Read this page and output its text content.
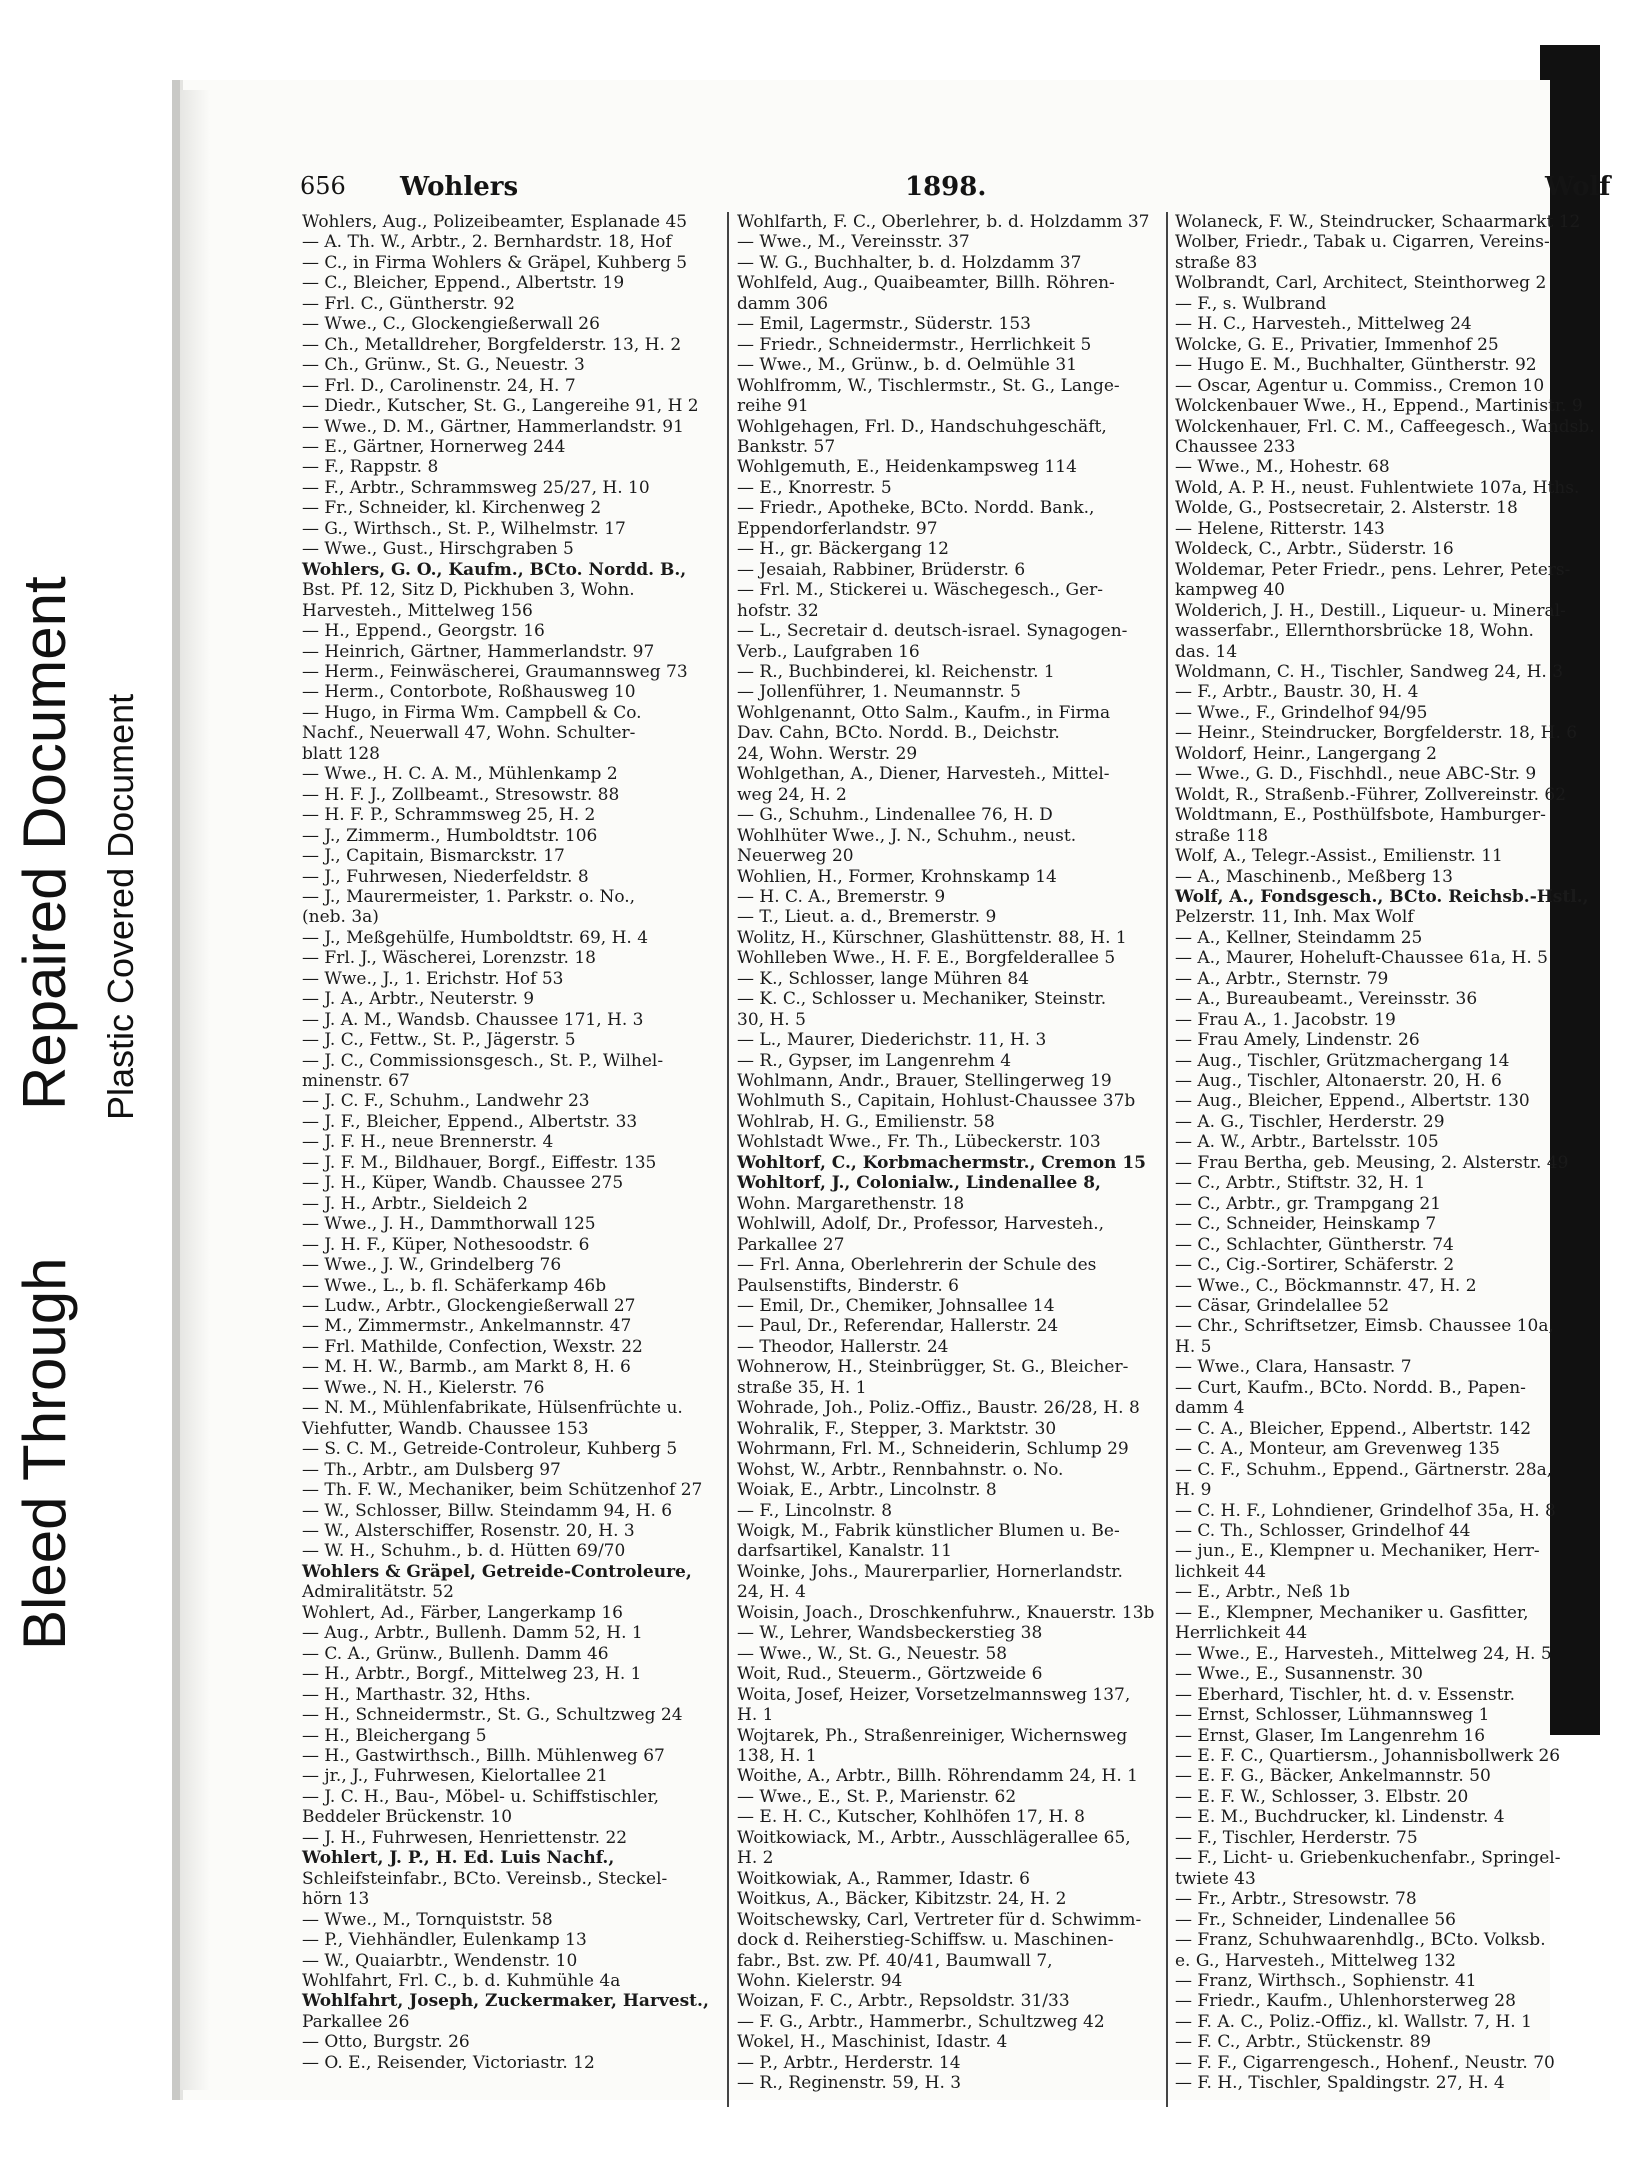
Bleed Through
Repaired Document Plastic Covered Document
656 Wohlers	1898.	Wolf
Wohlers, Aug., Polizeibeamter, Esplanade 45
— A. Th. W., Arbtr., 2. Bernhardstr. 18, Hof
— C., in Firma Wohlers & Gräpel, Kuhberg 5
— C., Bleicher, Eppend., Albertstr. 19
— Frl. C., Güntherstr. 92
— Wwe., C., Glockengießerwall 26
— Ch., Metalldreher, Borgfelderstr. 13, H. 2
— Ch., Grünw., St. G., Neuestr. 3
— Frl. D., Carolinenstr. 24, H. 7
— Diedr., Kutscher, St. G., Langereihe 91, H 2
— Wwe., D. M., Gärtner, Hammerlandstr. 91
— E., Gärtner, Hornerweg 244
— F., Rappstr. 8
— F., Arbtr., Schrammsweg 25/27, H. 10
— Fr., Schneider, kl. Kirchenweg 2
— G., Wirthsch., St. P., Wilhelmstr. 17
— Wwe., Gust., Hirschgraben 5
Wohlers, G. O., Kaufm., BCto. Nordd. B.,
Bst. Pf. 12, Sitz D, Pickhuben 3, Wohn.
Harvesteh., Mittelweg 156
— H., Eppend., Georgstr. 16
— Heinrich, Gärtner, Hammerlandstr. 97
— Herm., Feinwäscherei, Graumannsweg 73
— Herm., Contorbote, Roßhausweg 10
— Hugo, in Firma Wm. Campbell & Co.
Nachf., Neuerwall 47, Wohn. Schulter-
blatt 128
— Wwe., H. C. A. M., Mühlenkamp 2
— H. F. J., Zollbeamt., Stresowstr. 88
— H. F. P., Schrammsweg 25, H. 2
— J., Zimmerm., Humboldtstr. 106
— J., Capitain, Bismarckstr. 17
— J., Fuhrwesen, Niederfeldstr. 8
— J., Maurermeister, 1. Parkstr. o. No.,
(neb. 3a)
— J., Meßgehülfe, Humboldtstr. 69, H. 4
— Frl. J., Wäscherei, Lorenzstr. 18
— Wwe., J., 1. Erichstr. Hof 53
— J. A., Arbtr., Neuterstr. 9
— J. A. M., Wandsb. Chaussee 171, H. 3
— J. C., Fettw., St. P., Jägerstr. 5
— J. C., Commissionsgesch., St. P., Wilhel-
minenstr. 67
— J. C. F., Schuhm., Landwehr 23
— J. F., Bleicher, Eppend., Albertstr. 33
— J. F. H., neue Brennerstr. 4
— J. F. M., Bildhauer, Borgf., Eiffestr. 135
— J. H., Küper, Wandb. Chaussee 275
— J. H., Arbtr., Sieldeich 2
— Wwe., J. H., Dammthorwall 125
— J. H. F., Küper, Nothesoodstr. 6
— Wwe., J. W., Grindelberg 76
— Wwe., L., b. fl. Schäferkamp 46b
— Ludw., Arbtr., Glockengießerwall 27
— M., Zimmermstr., Ankelmannstr. 47
— Frl. Mathilde, Confection, Wexstr. 22
— M. H. W., Barmb., am Markt 8, H. 6
— Wwe., N. H., Kielerstr. 76
— N. M., Mühlenfabrikate, Hülsenfrüchte u.
Viehfutter, Wandb. Chaussee 153
— S. C. M., Getreide-Controleur, Kuhberg 5
— Th., Arbtr., am Dulsberg 97
— Th. F. W., Mechaniker, beim Schützenhof 27
— W., Schlosser, Billw. Steindamm 94, H. 6
— W., Alsterschiffer, Rosenstr. 20, H. 3
— W. H., Schuhm., b. d. Hütten 69/70
Wohlers & Gräpel, Getreide-Controleure,
Admiralitätstr. 52
Wohlert, Ad., Färber, Langerkamp 16
— Aug., Arbtr., Bullenh. Damm 52, H. 1
— C. A., Grünw., Bullenh. Damm 46
— H., Arbtr., Borgf., Mittelweg 23, H. 1
— H., Marthastr. 32, Hths.
— H., Schneidermstr., St. G., Schultzweg 24
— H., Bleichergang 5
— H., Gastwirthsch., Billh. Mühlenweg 67
— jr., J., Fuhrwesen, Kielortallee 21
— J. C. H., Bau-, Möbel- u. Schiffstischler,
Beddeler Brückenstr. 10
— J. H., Fuhrwesen, Henriettenstr. 22
Wohlert, J. P., H. Ed. Luis Nachf.,
Schleifsteinfabr., BCto. Vereinsb., Steckel-
hörn 13
— Wwe., M., Tornquiststr. 58
— P., Viehhändler, Eulenkamp 13
— W., Quaiarbtr., Wendenstr. 10
Wohlfahrt, Frl. C., b. d. Kuhmühle 4a
Wohlfahrt, Joseph, Zuckermaker, Harvest.,
Parkallee 26
— Otto, Burgstr. 26
— O. E., Reisender, Victoriastr. 12
Wohlfarth, F. C., Oberlehrer, b. d. Holzdamm 37
— Wwe., M., Vereinsstr. 37
— W. G., Buchhalter, b. d. Holzdamm 37
Wohlfeld, Aug., Quaibeamter, Billh. Röhren-
damm 306
— Emil, Lagermstr., Süderstr. 153
— Friedr., Schneidermstr., Herrlichkeit 5
— Wwe., M., Grünw., b. d. Oelmühle 31
Wohlfromm, W., Tischlermstr., St. G., Lange-
reihe 91
Wohlgehagen, Frl. D., Handschuhgeschäft,
Bankstr. 57
Wohlgemuth, E., Heidenkampsweg 114
— E., Knorrestr. 5
— Friedr., Apotheke, BCto. Nordd. Bank.,
Eppendorferlandstr. 97
— H., gr. Bäckergang 12
— Jesaiah, Rabbiner, Brüderstr. 6
— Frl. M., Stickerei u. Wäschegesch., Ger-
hofstr. 32
— L., Secretair d. deutsch-israel. Synagogen-
Verb., Laufgraben 16
— R., Buchbinderei, kl. Reichenstr. 1
— Jollenführer, 1. Neumannstr. 5
Wohlgenannt, Otto Salm., Kaufm., in Firma
Dav. Cahn, BCto. Nordd. B., Deichstr.
24, Wohn. Werstr. 29
Wohlgethan, A., Diener, Harvesteh., Mittel-
weg 24, H. 2
— G., Schuhm., Lindenallee 76, H. D
Wohlhüter Wwe., J. N., Schuhm., neust.
Neuerweg 20
Wohlien, H., Former, Krohnskamp 14
— H. C. A., Bremerstr. 9
— T., Lieut. a. d., Bremerstr. 9
Wolitz, H., Kürschner, Glashüttenstr. 88, H. 1
Wohlleben Wwe., H. F. E., Borgfelderallee 5
— K., Schlosser, lange Mühren 84
— K. C., Schlosser u. Mechaniker, Steinstr.
30, H. 5
— L., Maurer, Diederichstr. 11, H. 3
— R., Gypser, im Langenrehm 4
Wohlmann, Andr., Brauer, Stellingerweg 19
Wohlmuth S., Capitain, Hohlust-Chaussee 37b
Wohlrab, H. G., Emilienstr. 58
Wohlstadt Wwe., Fr. Th., Lübeckerstr. 103
Wohltorf, C., Korbmachermstr., Cremon 15
Wohltorf, J., Colonialw., Lindenallee 8,
Wohn. Margarethenstr. 18
Wohlwill, Adolf, Dr., Professor, Harvesteh.,
Parkallee 27
— Frl. Anna, Oberlehrerin der Schule des
Paulsenstifts, Binderstr. 6
— Emil, Dr., Chemiker, Johnsallee 14
— Paul, Dr., Referendar, Hallerstr. 24
— Theodor, Hallerstr. 24
Wohnerow, H., Steinbrügger, St. G., Bleicher-
straße 35, H. 1
Wohrade, Joh., Poliz.-Offiz., Baustr. 26/28, H. 8
Wohralik, F., Stepper, 3. Marktstr. 30
Wohrmann, Frl. M., Schneiderin, Schlump 29
Wohst, W., Arbtr., Rennbahnstr. o. No.
Woiak, E., Arbtr., Lincolnstr. 8
— F., Lincolnstr. 8
Woigk, M., Fabrik künstlicher Blumen u. Be-
darfsartikel, Kanalstr. 11
Woinke, Johs., Maurerparlier, Hornerlandstr.
24, H. 4
Woisin, Joach., Droschkenfuhrw., Knauerstr. 13b
— W., Lehrer, Wandsbeckerstieg 38
— Wwe., W., St. G., Neuestr. 58
Woit, Rud., Steuerm., Görtzweide 6
Woita, Josef, Heizer, Vorsetzelmannsweg 137,
H. 1
Wojtarek, Ph., Straßenreiniger, Wichernsweg
138, H. 1
Woithe, A., Arbtr., Billh. Röhrendamm 24, H. 1
— Wwe., E., St. P., Marienstr. 62
— E. H. C., Kutscher, Kohlhöfen 17, H. 8
Woitkowiack, M., Arbtr., Ausschlägerallee 65,
H. 2
Woitkowiak, A., Rammer, Idastr. 6
Woitkus, A., Bäcker, Kibitzstr. 24, H. 2
Woitschewsky, Carl, Vertreter für d. Schwimm-
dock d. Reiherstieg-Schiffsw. u. Maschinen-
fabr., Bst. zw. Pf. 40/41, Baumwall 7,
Wohn. Kielerstr. 94
Woizan, F. C., Arbtr., Repsoldstr. 31/33
— F. G., Arbtr., Hammerbr., Schultzweg 42
Wokel, H., Maschinist, Idastr. 4
— P., Arbtr., Herderstr. 14
— R., Reginenstr. 59, H. 3
Wolaneck, F. W., Steindrucker, Schaarmarkt 12
Wolber, Friedr., Tabak u. Cigarren, Vereins-
straße 83
Wolbrandt, Carl, Architect, Steinthorweg 2
— F., s. Wulbrand
— H. C., Harvesteh., Mittelweg 24
Wolcke, G. E., Privatier, Immenhof 25
— Hugo E. M., Buchhalter, Güntherstr. 92
— Oscar, Agentur u. Commiss., Cremon 10
Wolckenbauer Wwe., H., Eppend., Martinistr. 9
Wolckenhauer, Frl. C. M., Caffeegesch., Wandsb.
Chaussee 233
— Wwe., M., Hohestr. 68
Wold, A. P. H., neust. Fuhlentwiete 107a, Hths.
Wolde, G., Postsecretair, 2. Alsterstr. 18
— Helene, Ritterstr. 143
Woldeck, C., Arbtr., Süderstr. 16
Woldemar, Peter Friedr., pens. Lehrer, Peters-
kampweg 40
Wolderich, J. H., Destill., Liqueur- u. Mineral-
wasserfabr., Ellernthorsbrücke 18, Wohn.
das. 14
Woldmann, C. H., Tischler, Sandweg 24, H. 3
— F., Arbtr., Baustr. 30, H. 4
— Wwe., F., Grindelhof 94/95
— Heinr., Steindrucker, Borgfelderstr. 18, H. 6
Woldorf, Heinr., Langergang 2
— Wwe., G. D., Fischhdl., neue ABC-Str. 9
Woldt, R., Straßenb.-Führer, Zollvereinstr. 62
Woldtmann, E., Posthülfsbote, Hamburger-
straße 118
Wolf, A., Telegr.-Assist., Emilienstr. 11
— A., Maschinenb., Meßberg 13
Wolf, A., Fondsgesch., BCto. Reichsb.-Hstl.,
Pelzerstr. 11, Inh. Max Wolf
— A., Kellner, Steindamm 25
— A., Maurer, Hoheluft-Chaussee 61a, H. 5
— A., Arbtr., Sternstr. 79
— A., Bureaubeamt., Vereinsstr. 36
— Frau A., 1. Jacobstr. 19
— Frau Amely, Lindenstr. 26
— Aug., Tischler, Grützmachergang 14
— Aug., Tischler, Altonaerstr. 20, H. 6
— Aug., Bleicher, Eppend., Albertstr. 130
— A. G., Tischler, Herderstr. 29
— A. W., Arbtr., Bartelsstr. 105
— Frau Bertha, geb. Meusing, 2. Alsterstr. 49
— C., Arbtr., Stiftstr. 32, H. 1
— C., Arbtr., gr. Trampgang 21
— C., Schneider, Heinskamp 7
— C., Schlachter, Güntherstr. 74
— C., Cig.-Sortirer, Schäferstr. 2
— Wwe., C., Böckmannstr. 47, H. 2
— Cäsar, Grindelallee 52
— Chr., Schriftsetzer, Eimsb. Chaussee 10a,
H. 5
— Wwe., Clara, Hansastr. 7
— Curt, Kaufm., BCto. Nordd. B., Papen-
damm 4
— C. A., Bleicher, Eppend., Albertstr. 142
— C. A., Monteur, am Grevenweg 135
— C. F., Schuhm., Eppend., Gärtnerstr. 28a,
H. 9
— C. H. F., Lohndiener, Grindelhof 35a, H. 8
— C. Th., Schlosser, Grindelhof 44
— jun., E., Klempner u. Mechaniker, Herr-
lichkeit 44
— E., Arbtr., Neß 1b
— E., Klempner, Mechaniker u. Gasfitter,
Herrlichkeit 44
— Wwe., E., Harvesteh., Mittelweg 24, H. 5
— Wwe., E., Susannenstr. 30
— Eberhard, Tischler, ht. d. v. Essenstr.
— Ernst, Schlosser, Lühmannsweg 1
— Ernst, Glaser, Im Langenrehm 16
— E. F. C., Quartiersm., Johannisbollwerk 26
— E. F. G., Bäcker, Ankelmannstr. 50
— E. F. W., Schlosser, 3. Elbstr. 20
— E. M., Buchdrucker, kl. Lindenstr. 4
— F., Tischler, Herderstr. 75
— F., Licht- u. Griebenkuchenfabr., Springel-
twiete 43
— Fr., Arbtr., Stresowstr. 78
— Fr., Schneider, Lindenallee 56
— Franz, Schuhwaarenhdlg., BCto. Volksb.
e. G., Harvesteh., Mittelweg 132
— Franz, Wirthsch., Sophienstr. 41
— Friedr., Kaufm., Uhlenhorsterweg 28
— F. A. C., Poliz.-Offiz., kl. Wallstr. 7, H. 1
— F. C., Arbtr., Stückenstr. 89
— F. F., Cigarrengesch., Hohenf., Neustr. 70
— F. H., Tischler, Spaldingstr. 27, H. 4
